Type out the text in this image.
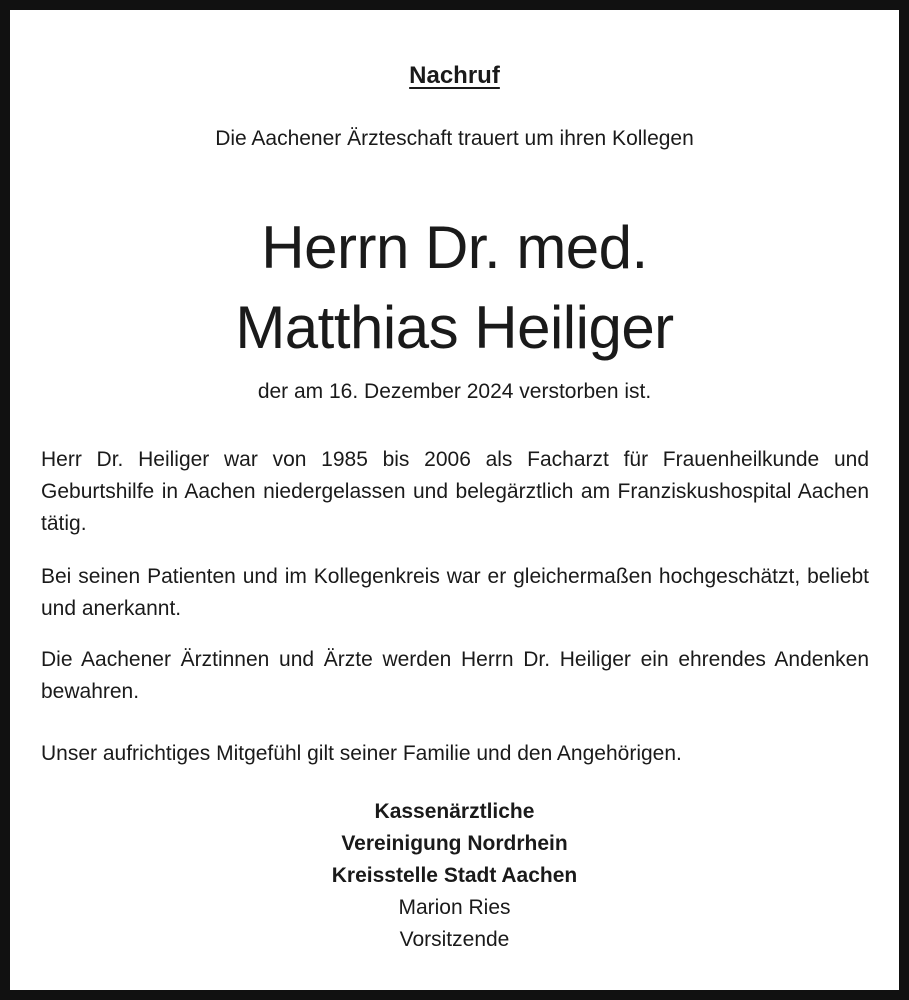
Nachruf
Die Aachener Ärzteschaft trauert um ihren Kollegen
Herrn Dr. med.
Matthias Heiliger
der am 16. Dezember 2024 verstorben ist.
Herr Dr. Heiliger war von 1985 bis 2006 als Facharzt für Frauenheilkunde und Geburtshilfe in Aachen niedergelassen und belegärztlich am Franziskushospital Aachen tätig.
Bei seinen Patienten und im Kollegenkreis war er gleichermaßen hochgeschätzt, beliebt und anerkannt.
Die Aachener Ärztinnen und Ärzte werden Herrn Dr. Heiliger ein ehrendes Andenken bewahren.
Unser aufrichtiges Mitgefühl gilt seiner Familie und den Angehörigen.
Kassenärztliche
Vereinigung Nordrhein
Kreisstelle Stadt Aachen
Marion Ries
Vorsitzende
